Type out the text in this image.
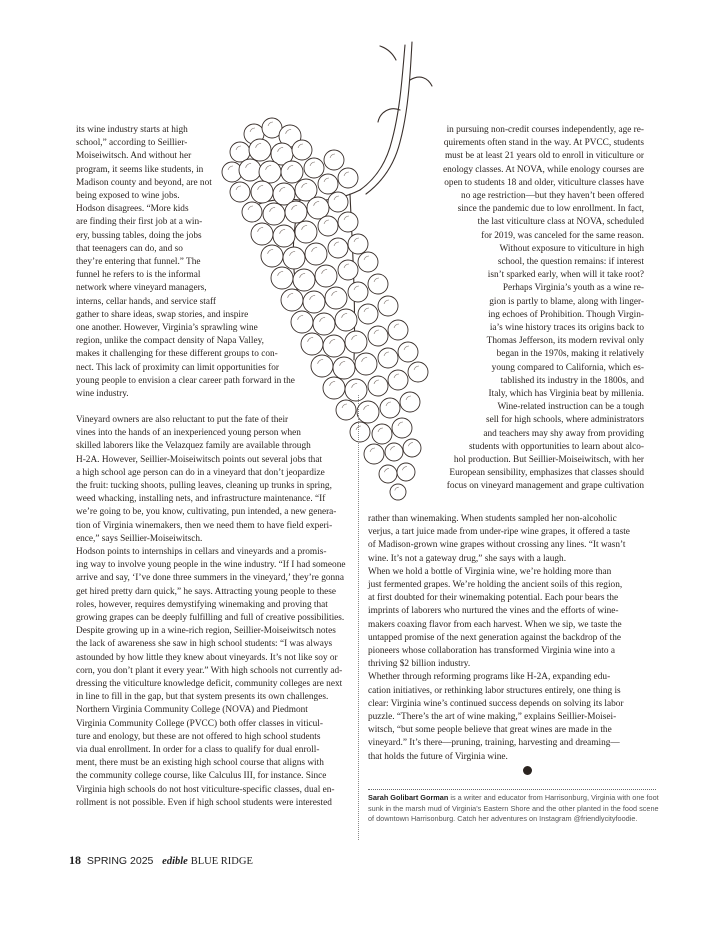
its wine industry starts at high
school,” according to Seillier-
Moiseiwitsch. And without her
program, it seems like students, in
Madison county and beyond, are not
being exposed to wine jobs.
Hodson disagrees. “More kids
are finding their first job at a win-
ery, bussing tables, doing the jobs
that teenagers can do, and so
they’re entering that funnel.” The
funnel he refers to is the informal
network where vineyard managers,
interns, cellar hands, and service staff
gather to share ideas, swap stories, and inspire
one another. However, Virginia’s sprawling wine
region, unlike the compact density of Napa Valley,
makes it challenging for these different groups to con-
nect. This lack of proximity can limit opportunities for
young people to envision a clear career path forward in the
wine industry.
Vineyard owners are also reluctant to put the fate of their
vines into the hands of an inexperienced young person when
skilled laborers like the Velazquez family are available through
H-2A. However, Seillier-Moiseiwitsch points out several jobs that
a high school age person can do in a vineyard that don’t jeopardize
the fruit: tucking shoots, pulling leaves, cleaning up trunks in spring,
weed whacking, installing nets, and infrastructure maintenance. “If
we’re going to be, you know, cultivating, pun intended, a new genera-
tion of Virginia winemakers, then we need them to have field experi-
ence,” says Seillier-Moiseiwitsch.
Hodson points to internships in cellars and vineyards and a promis-
ing way to involve young people in the wine industry. “If I had someone
arrive and say, ‘I’ve done three summers in the vineyard,’ they’re gonna
get hired pretty darn quick,” he says. Attracting young people to these
roles, however, requires demystifying winemaking and proving that
growing grapes can be deeply fulfilling and full of creative possibilities.
Despite growing up in a wine-rich region, Seillier-Moiseiwitsch notes
the lack of awareness she saw in high school students: “I was always
astounded by how little they knew about vineyards. It’s not like soy or
corn, you don’t plant it every year.” With high schools not currently ad-
dressing the viticulture knowledge deficit, community colleges are next
in line to fill in the gap, but that system presents its own challenges.
Northern Virginia Community College (NOVA) and Piedmont
Virginia Community College (PVCC) both offer classes in viticul-
ture and enology, but these are not offered to high school students
via dual enrollment. In order for a class to qualify for dual enroll-
ment, there must be an existing high school course that aligns with
the community college course, like Calculus III, for instance. Since
Virginia high schools do not host viticulture-specific classes, dual en-
rollment is not possible. Even if high school students were interested
in pursuing non-credit courses independently, age re-
quirements often stand in the way. At PVCC, students
must be at least 21 years old to enroll in viticulture or
enology classes. At NOVA, while enology courses are
open to students 18 and older, viticulture classes have
no age restriction—but they haven’t been offered
since the pandemic due to low enrollment. In fact,
the last viticulture class at NOVA, scheduled
for 2019, was canceled for the same reason.
Without exposure to viticulture in high
school, the question remains: if interest
isn’t sparked early, when will it take root?
Perhaps Virginia’s youth as a wine re-
gion is partly to blame, along with linger-
ing echoes of Prohibition. Though Virgin-
ia’s wine history traces its origins back to
Thomas Jefferson, its modern revival only
began in the 1970s, making it relatively
young compared to California, which es-
tablished its industry in the 1800s, and
Italy, which has Virginia beat by millenia.
Wine-related instruction can be a tough
sell for high schools, where administrators
and teachers may shy away from providing
students with opportunities to learn about alco-
hol production. But Seillier-Moiseiwitsch, with her
European sensibility, emphasizes that classes should
focus on vineyard management and grape cultivation
rather than winemaking. When students sampled her non-alcoholic
verjus, a tart juice made from under-ripe wine grapes, it offered a taste
of Madison-grown wine grapes without crossing any lines. “It wasn’t
wine. It’s not a gateway drug,” she says with a laugh.
When we hold a bottle of Virginia wine, we’re holding more than
just fermented grapes. We’re holding the ancient soils of this region,
at first doubted for their winemaking potential. Each pour bears the
imprints of laborers who nurtured the vines and the efforts of wine-
makers coaxing flavor from each harvest. When we sip, we taste the
untapped promise of the next generation against the backdrop of the
pioneers whose collaboration has transformed Virginia wine into a
thriving $2 billion industry.
Whether through reforming programs like H-2A, expanding edu-
cation initiatives, or rethinking labor structures entirely, one thing is
clear: Virginia wine’s continued success depends on solving its labor
puzzle. “There’s the art of wine making,” explains Seillier-Moisei-
witsch, “but some people believe that great wines are made in the
vineyard.” It’s there—pruning, training, harvesting and dreaming—
that holds the future of Virginia wine.
Sarah Golibart Gorman is a writer and educator from Harrisonburg, Virginia with one foot sunk in the marsh mud of Virginia’s Eastern Shore and the other planted in the food scene of downtown Harrisonburg. Catch her adventures on Instagram @friendlycityfoodie.
18 SPRING 2025 edible BLUE RIDGE
